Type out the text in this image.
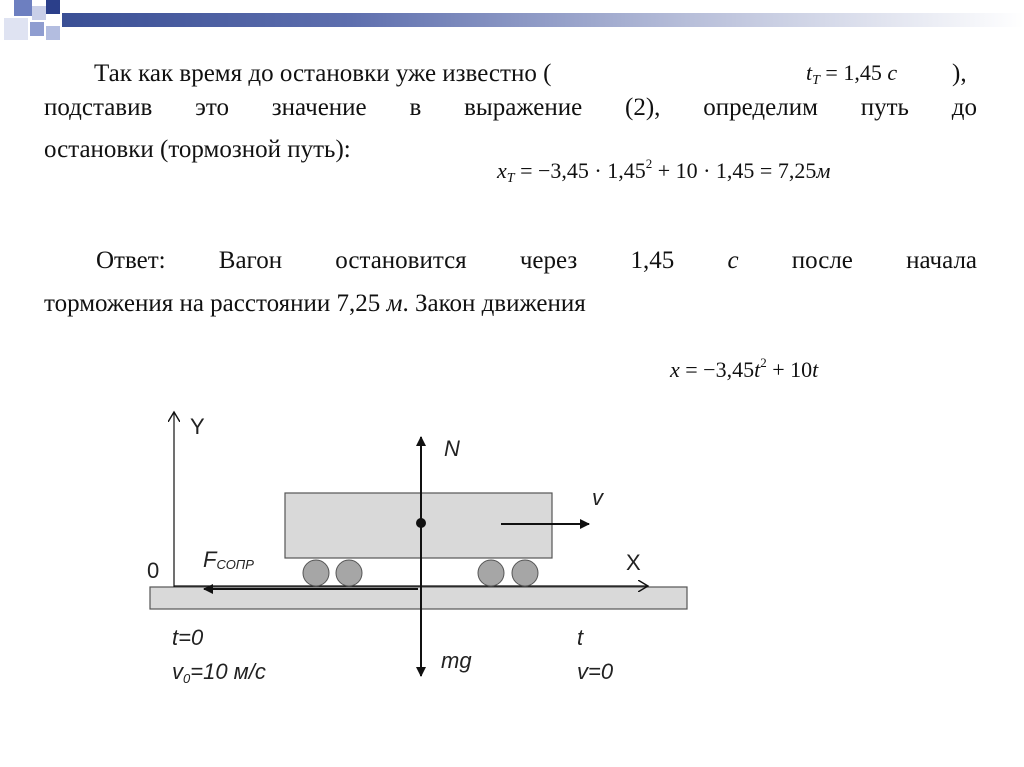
Так как время до остановки уже известно (	$t_T = 1,45$ c ),
подставив это значение в выражение (2), определим путь до
остановки (тормозной путь):
$x_T = -3,45 \cdot 1,45^2 + 10 \cdot 1,45 = 7,25м$
Ответ: Вагон остановится через 1,45 с после начала
торможения на расстоянии 7,25 м. Закон движения
$x = -3,45t^2 + 10t$
Y
X
0
N
mg
v
FСОПР
t=0
$v_0=10$ м/с
t
v=0
